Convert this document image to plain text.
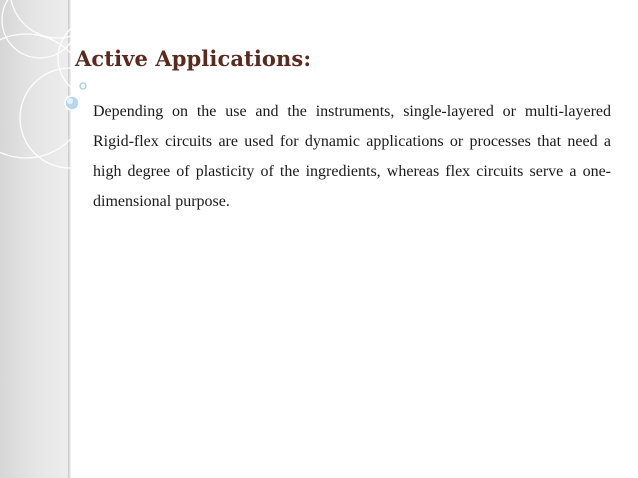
Active Applications:

Depending on the use and the instruments, single-layered or multi-layered Rigid-flex circuits are used for dynamic applications or processes that need a high degree of plasticity of the ingredients, whereas flex circuits serve a one-dimensional purpose.
